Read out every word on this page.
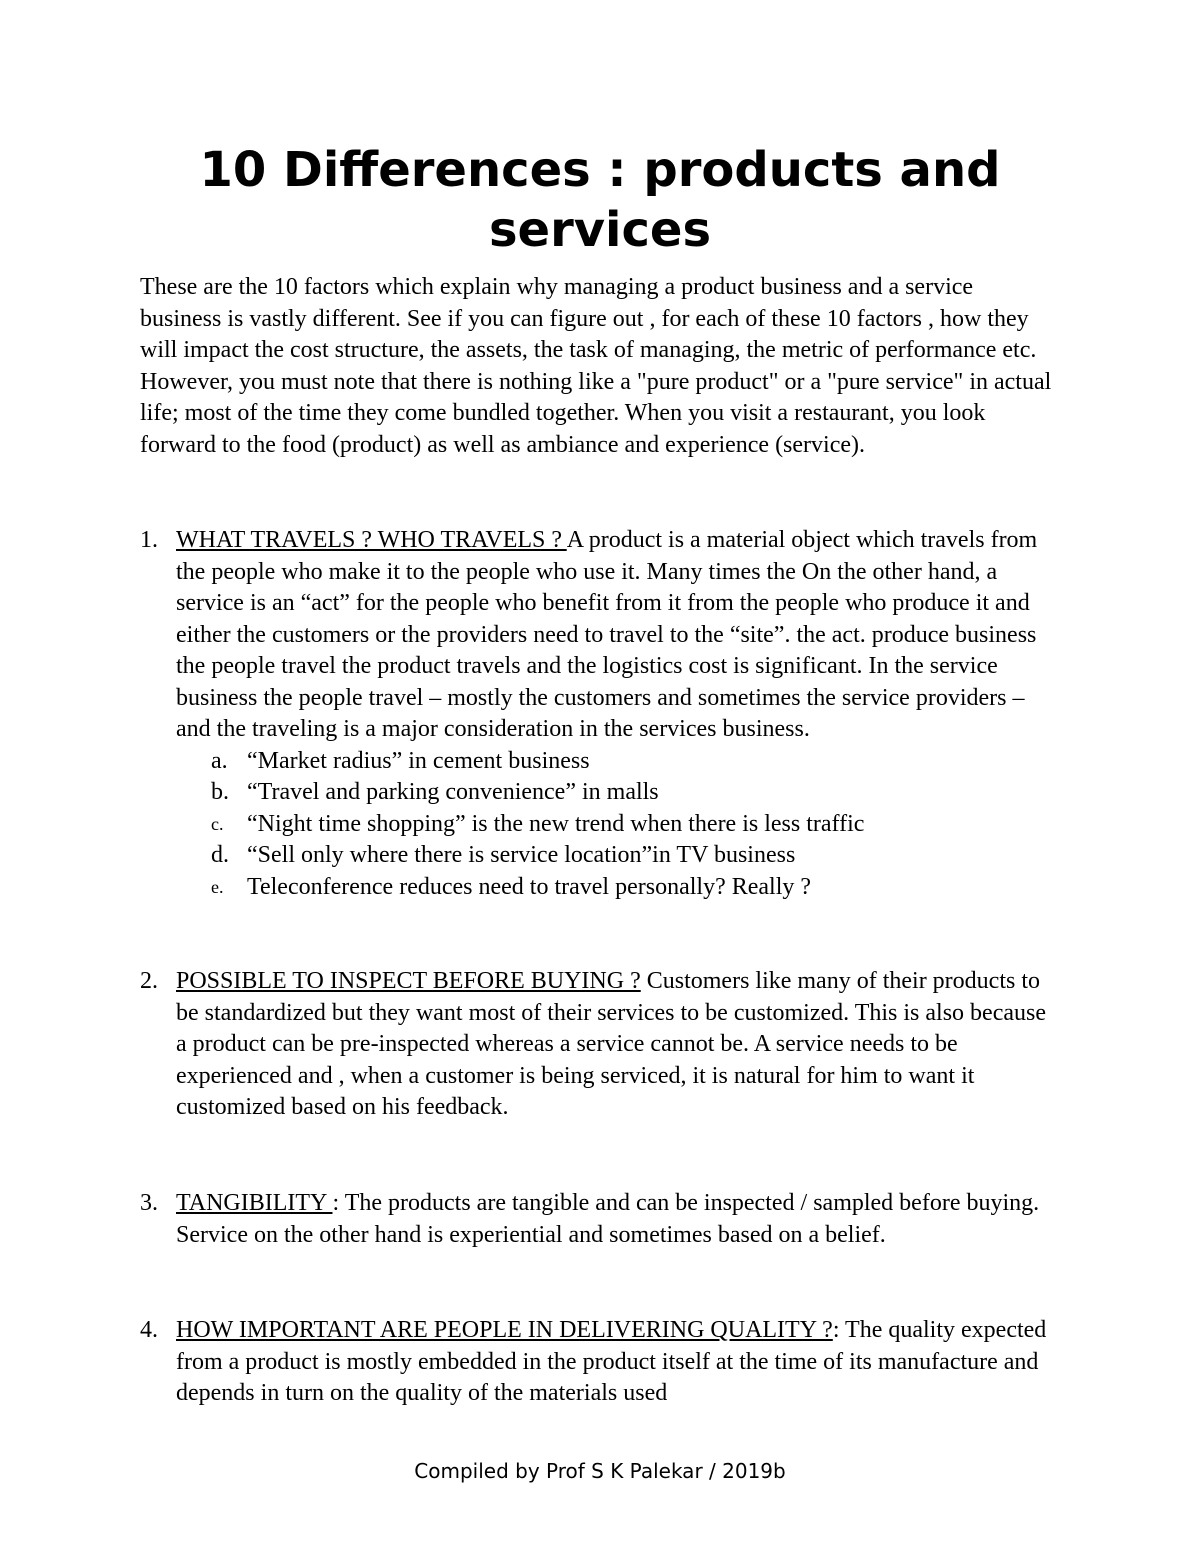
10 Differences : products and services

These are the 10 factors which explain why managing a product business and a service business is vastly different. See if you can figure out , for each of these 10 factors , how they will impact the cost structure, the assets, the task of managing, the metric of performance etc. However, you must note that there is nothing like a "pure product" or a "pure service" in actual life; most of the time they come bundled together. When you visit a restaurant, you look forward to the food (product) as well as ambiance and experience (service).

1. WHAT TRAVELS ? WHO TRAVELS ? A product is a material object which travels from the people who make it to the people who use it. Many times the On the other hand, a service is an “act” for the people who benefit from it from the people who produce it and either the customers or the providers need to travel to the “site”. the act. produce business the people travel the product travels and the logistics cost is significant. In the service business the people travel – mostly the customers and sometimes the service providers – and the traveling is a major consideration in the services business.
a. “Market radius” in cement business
b. “Travel and parking convenience” in malls
c. “Night time shopping” is the new trend when there is less traffic
d. “Sell only where there is service location”in TV business
e. Teleconference reduces need to travel personally? Really ?
2. POSSIBLE TO INSPECT BEFORE BUYING ? Customers like many of their products to be standardized but they want most of their services to be customized. This is also because a product can be pre-inspected whereas a service cannot be. A service needs to be experienced and , when a customer is being serviced, it is natural for him to want it customized based on his feedback.
3. TANGIBILITY : The products are tangible and can be inspected / sampled before buying. Service on the other hand is experiential and sometimes based on a belief.
4. HOW IMPORTANT ARE PEOPLE IN DELIVERING QUALITY ?: The quality expected from a product is mostly embedded in the product itself at the time of its manufacture and depends in turn on the quality of the materials used
Compiled by Prof S K Palekar / 2019b
